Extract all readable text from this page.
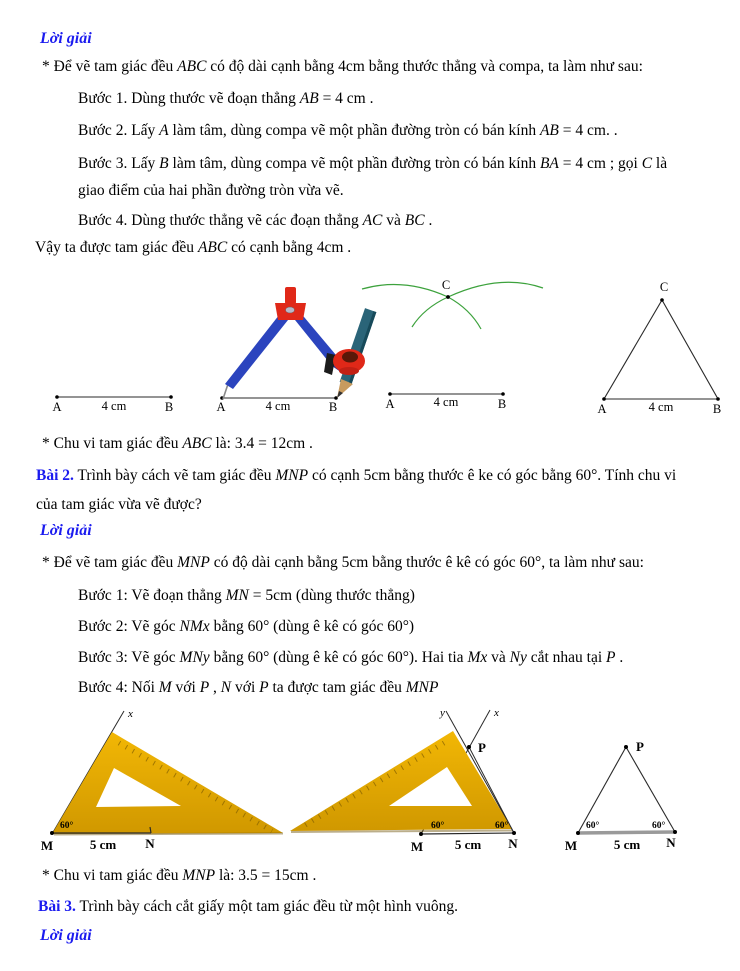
Lời giải
* Để vẽ tam giác đều ABC có độ dài cạnh bằng 4cm bằng thước thẳng và compa, ta làm như sau:
Bước 1. Dùng thước vẽ đoạn thẳng AB = 4 cm .
Bước 2. Lấy A làm tâm, dùng compa vẽ một phần đường tròn có bán kính AB = 4 cm. .
Bước 3. Lấy B làm tâm, dùng compa vẽ một phần đường tròn có bán kính BA = 4 cm ; gọi C là
giao điểm của hai phần đường tròn vừa vẽ.
Bước 4. Dùng thước thẳng vẽ các đoạn thẳng AC và BC .
Vậy ta được tam giác đều ABC có cạnh bằng 4cm .
* Chu vi tam giác đều ABC là: 3.4 = 12cm .
Bài 2. Trình bày cách vẽ tam giác đều MNP có cạnh 5cm bằng thước ê ke có góc bằng 60°. Tính chu vi
của tam giác vừa vẽ được?
Lời giải
* Để vẽ tam giác đều MNP có độ dài cạnh bằng 5cm bằng thước ê kê có góc 60°, ta làm như sau:
Bước 1: Vẽ đoạn thẳng MN = 5cm (dùng thước thẳng)
Bước 2: Vẽ góc NMx bằng 60° (dùng ê kê có góc 60°)
Bước 3: Vẽ góc MNy bằng 60° (dùng ê kê có góc 60°). Hai tia Mx và Ny cắt nhau tại P .
Bước 4: Nối M với P , N với P ta được tam giác đều MNP
* Chu vi tam giác đều MNP là: 3.5 = 15cm .
Bài 3. Trình bày cách cắt giấy một tam giác đều từ một hình vuông.
Lời giải
A	4 cm	B	A	4 cm	B
C
A	4 cm	B
C
A	4 cm	B
x
60°
M	5 cm N
x
y
P
60°	60°
M 5 cm N
P
60°	60°
M	5 cm N
